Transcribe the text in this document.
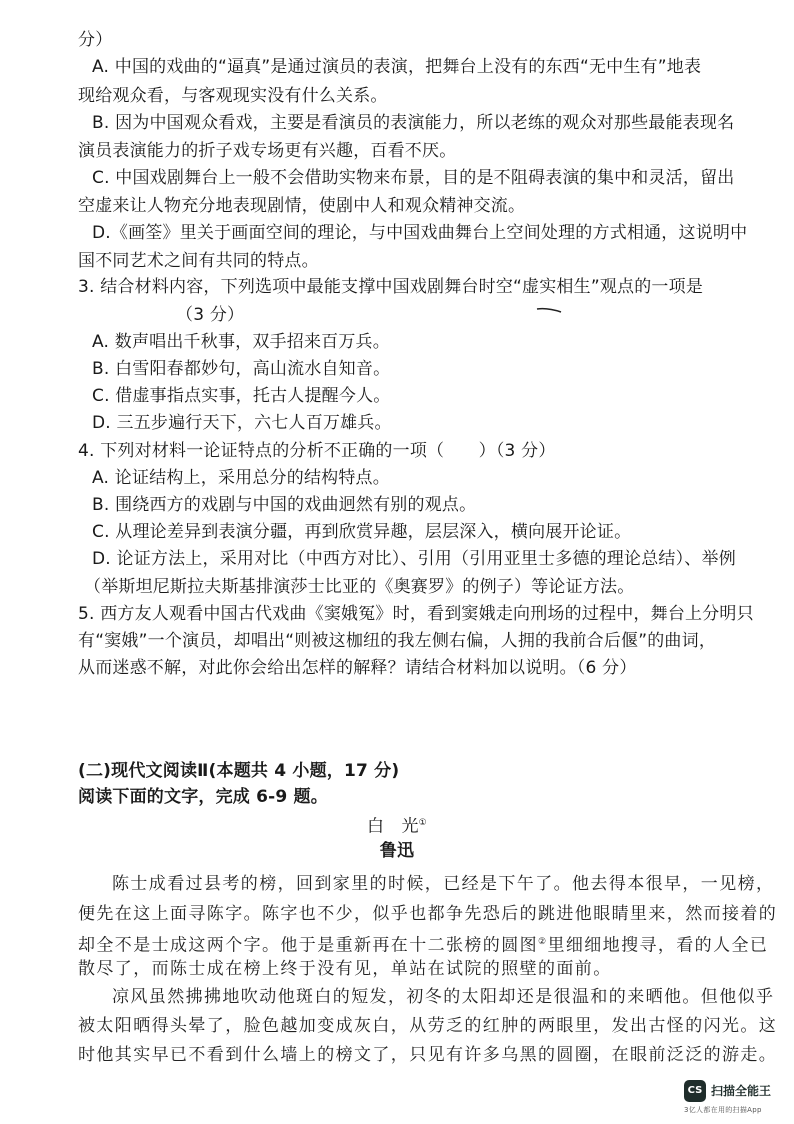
分）
A. 中国的戏曲的“逼真”是通过演员的表演，把舞台上没有的东西“无中生有”地表
现给观众看，与客观现实没有什么关系。
B. 因为中国观众看戏，主要是看演员的表演能力，所以老练的观众对那些最能表现名
演员表演能力的折子戏专场更有兴趣，百看不厌。
C. 中国戏剧舞台上一般不会借助实物来布景，目的是不阻碍表演的集中和灵活，留出
空虚来让人物充分地表现剧情，使剧中人和观众精神交流。
D.《画筌》里关于画面空间的理论，与中国戏曲舞台上空间处理的方式相通，这说明中
国不同艺术之间有共同的特点。
3. 结合材料内容，下列选项中最能支撑中国戏剧舞台时空“虚实相生”观点的一项是
（3 分）
A. 数声唱出千秋事，双手招来百万兵。
B. 白雪阳春都妙句，高山流水自知音。
C. 借虚事指点实事，托古人提醒今人。
D. 三五步遍行天下，六七人百万雄兵。
4. 下列对材料一论证特点的分析不正确的一项（　　）（3 分）
A. 论证结构上，采用总分的结构特点。
B. 围绕西方的戏剧与中国的戏曲迥然有别的观点。
C. 从理论差异到表演分疆，再到欣赏异趣，层层深入，横向展开论证。
D. 论证方法上，采用对比（中西方对比）、引用（引用亚里士多德的理论总结）、举例
（举斯坦尼斯拉夫斯基排演莎士比亚的《奥赛罗》的例子）等论证方法。
5. 西方友人观看中国古代戏曲《窦娥冤》时，看到窦娥走向刑场的过程中，舞台上分明只
有“窦娥”一个演员，却唱出“则被这枷纽的我左侧右偏，人拥的我前合后偃”的曲词，
从而迷惑不解，对此你会给出怎样的解释？请结合材料加以说明。（6 分）
(二)现代文阅读Ⅱ(本题共 4 小题，17 分)
阅读下面的文字，完成 6-9 题。
白　光①
鲁迅
陈士成看过县考的榜，回到家里的时候，已经是下午了。他去得本很早，一见榜，
便先在这上面寻陈字。陈字也不少，似乎也都争先恐后的跳进他眼睛里来，然而接着的
却全不是士成这两个字。他于是重新再在十二张榜的圆图②里细细地搜寻，看的人全已
散尽了，而陈士成在榜上终于没有见，单站在试院的照壁的面前。
凉风虽然拂拂地吹动他斑白的短发，初冬的太阳却还是很温和的来晒他。但他似乎
被太阳晒得头晕了，脸色越加变成灰白，从劳乏的红肿的两眼里，发出古怪的闪光。这
时他其实早已不看到什么墙上的榜文了，只见有许多乌黑的圆圈，在眼前泛泛的游走。
CS 扫描全能王
3亿人都在用的扫描App
